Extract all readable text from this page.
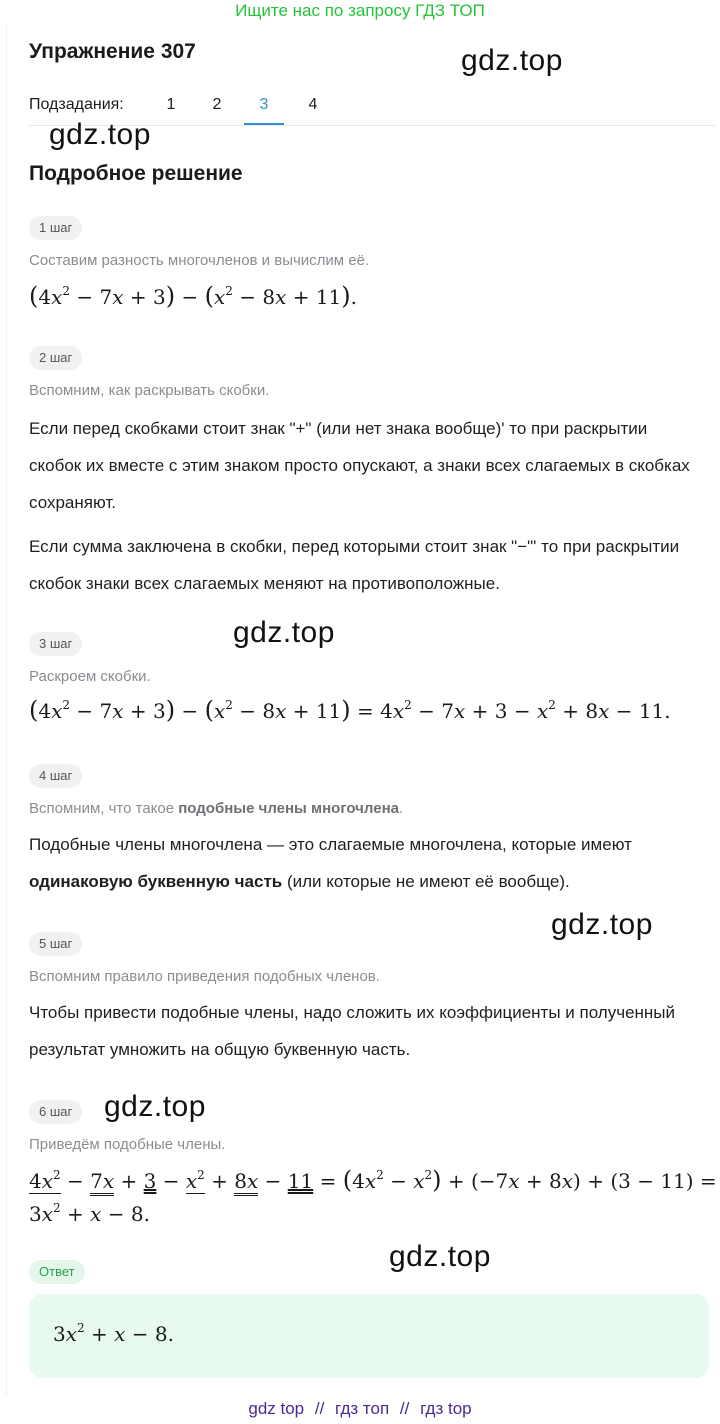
Ищите нас по запросу ГДЗ ТОП
Упражнение 307
Подзадания:	1	2	3	4
Подробное решение
1 шаг
Составим разность многочленов и вычислим её.
$(4x^2 - 7x + 3) - (x^2 - 8x + 11)$.
2 шаг
Вспомним, как раскрывать скобки.
Если перед скобками стоит знак "+" (или нет знака вообще)' то при раскрытии скобок их вместе с этим знаком просто опускают, а знаки всех слагаемых в скобках сохраняют.
Если сумма заключена в скобки, перед которыми стоит знак "−"' то при раскрытии скобок знаки всех слагаемых меняют на противоположные.
3 шаг
Раскроем скобки.
$(4x^2 - 7x + 3) - (x^2 - 8x + 11) = 4x^2 - 7x + 3 - x^2 + 8x - 11$.
4 шаг
Вспомним, что такое подобные члены многочлена.
Подобные члены многочлена — это слагаемые многочлена, которые имеют одинаковую буквенную часть (или которые не имеют её вообще).
5 шаг
Вспомним правило приведения подобных членов.
Чтобы привести подобные члены, надо сложить их коэффициенты и полученный результат умножить на общую буквенную часть.
6 шаг
Приведём подобные члены.
$4x^2 - 7x + 3 - x^2 + 8x - 11 = (4x^2 - x^2) + (-7x + 8x) + (3 - 11)$ =
$3x^2 + x - 8$.
Ответ
$3x^2 + x - 8$.
gdz.top
gdz.top
gdz.top
gdz.top
gdz.top
gdz.top
gdz top // гдз топ // гдз top
